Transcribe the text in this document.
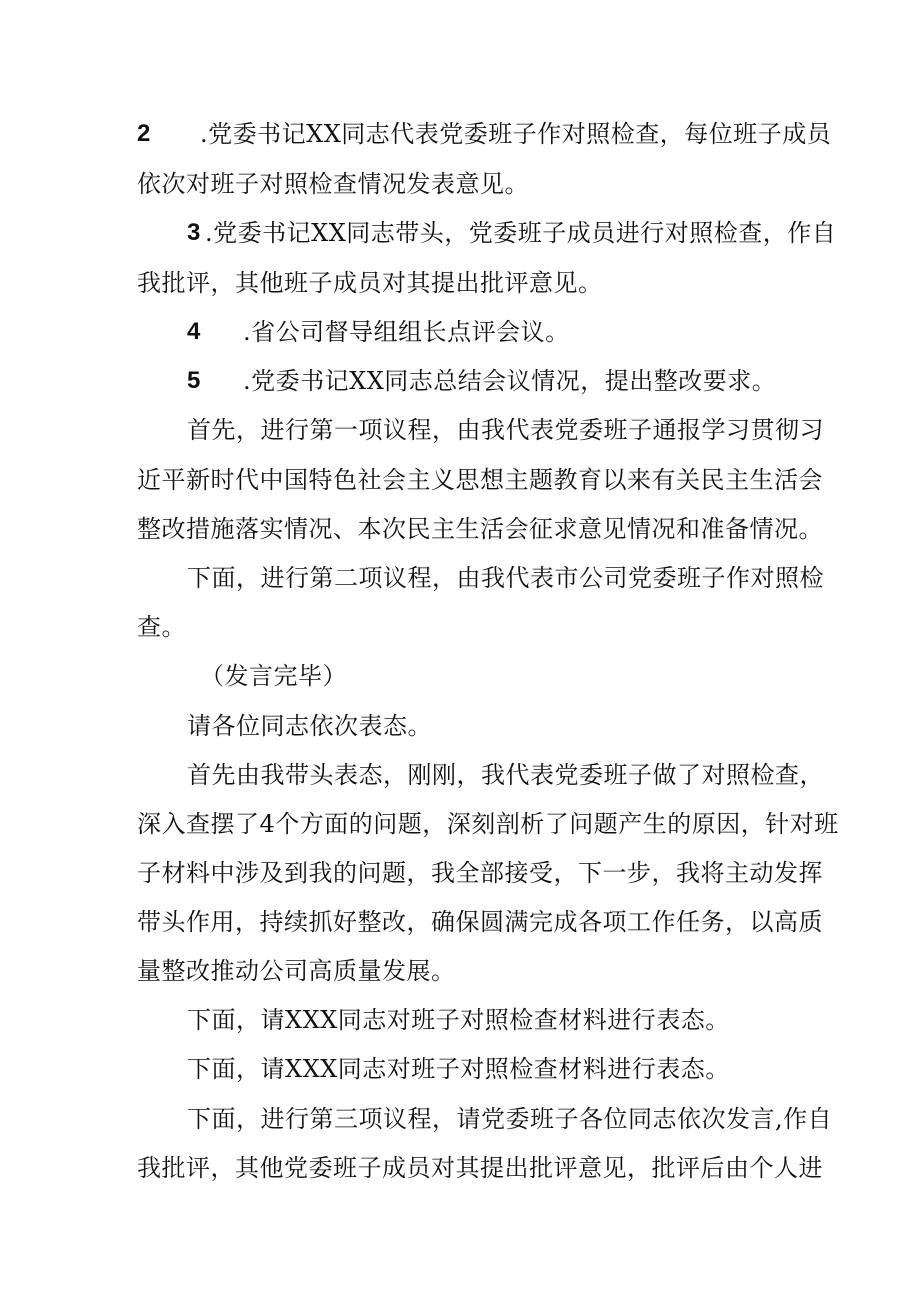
2 .党委书记XX同志代表党委班子作对照检查，每位班子成员
依次对班子对照检查情况发表意见。
3 .党委书记XX同志带头，党委班子成员进行对照检查，作自
我批评，其他班子成员对其提出批评意见。
4 .省公司督导组组长点评会议。
5 .党委书记XX同志总结会议情况，提出整改要求。
首先，进行第一项议程，由我代表党委班子通报学习贯彻习
近平新时代中国特色社会主义思想主题教育以来有关民主生活会
整改措施落实情况、本次民主生活会征求意见情况和准备情况。
下面，进行第二项议程，由我代表市公司党委班子作对照检
查。
（发言完毕）
请各位同志依次表态。
首先由我带头表态，刚刚，我代表党委班子做了对照检查，
深入查摆了4个方面的问题，深刻剖析了问题产生的原因，针对班
子材料中涉及到我的问题，我全部接受，下一步，我将主动发挥
带头作用，持续抓好整改，确保圆满完成各项工作任务，以高质
量整改推动公司高质量发展。
下面，请XXX同志对班子对照检查材料进行表态。
下面，请XXX同志对班子对照检查材料进行表态。
下面，进行第三项议程，请党委班子各位同志依次发言,作自
我批评，其他党委班子成员对其提出批评意见，批评后由个人进
